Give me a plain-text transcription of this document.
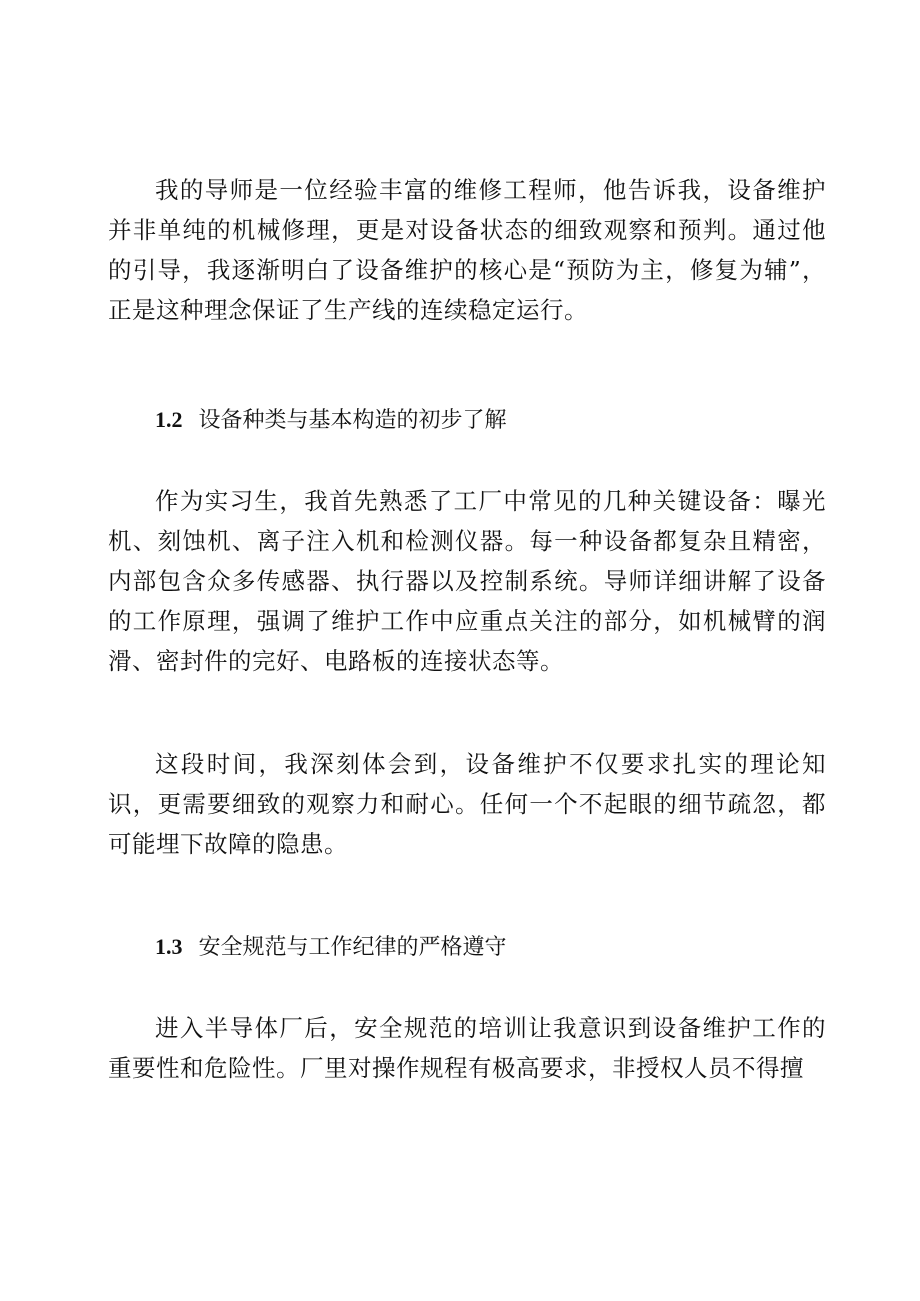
我的导师是一位经验丰富的维修工程师，他告诉我，设备维护并非单纯的机械修理，更是对设备状态的细致观察和预判。通过他的引导，我逐渐明白了设备维护的核心是“预防为主，修复为辅”，正是这种理念保证了生产线的连续稳定运行。

1.2 设备种类与基本构造的初步了解

作为实习生，我首先熟悉了工厂中常见的几种关键设备：曝光机、刻蚀机、离子注入机和检测仪器。每一种设备都复杂且精密，内部包含众多传感器、执行器以及控制系统。导师详细讲解了设备的工作原理，强调了维护工作中应重点关注的部分，如机械臂的润滑、密封件的完好、电路板的连接状态等。

这段时间，我深刻体会到，设备维护不仅要求扎实的理论知识，更需要细致的观察力和耐心。任何一个不起眼的细节疏忽，都可能埋下故障的隐患。

1.3 安全规范与工作纪律的严格遵守

进入半导体厂后，安全规范的培训让我意识到设备维护工作的重要性和危险性。厂里对操作规程有极高要求，非授权人员不得擅
